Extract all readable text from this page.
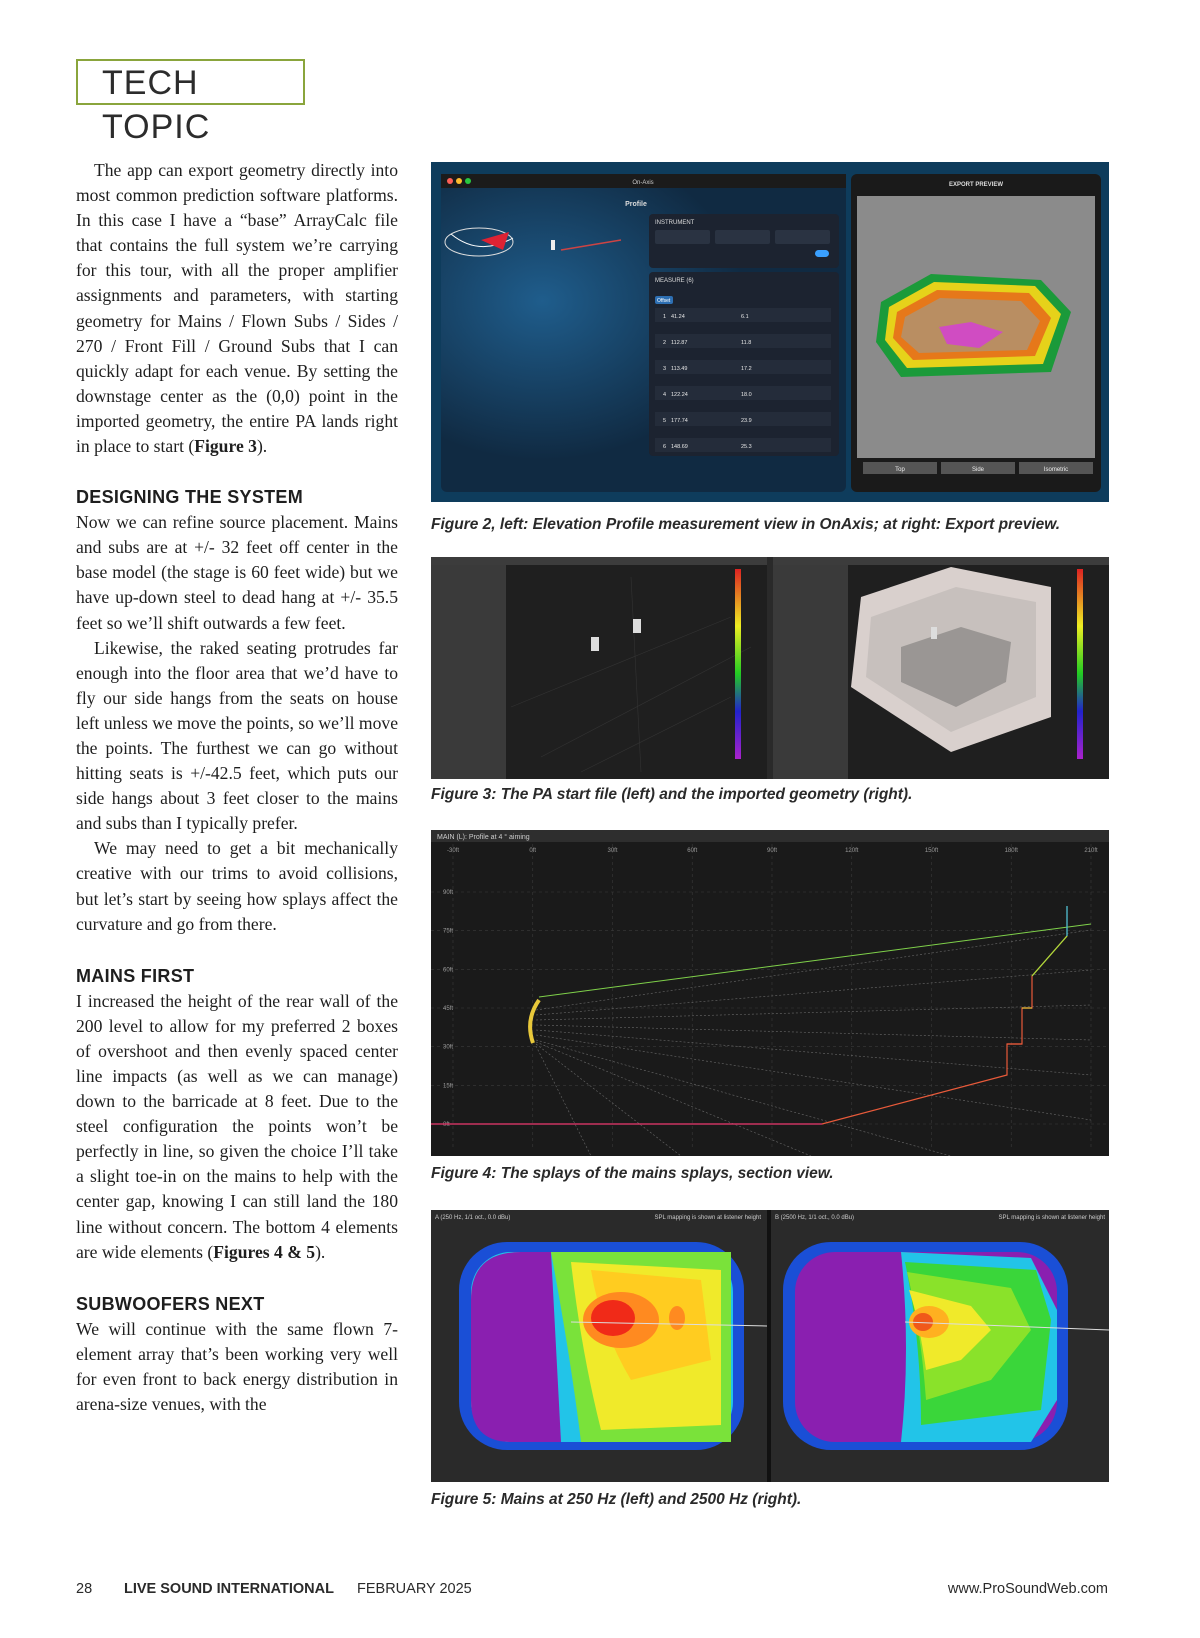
TECH TOPIC

The app can export geometry directly into most common prediction software platforms. In this case I have a “base” ArrayCalc file that contains the full system we’re carrying for this tour, with all the proper amplifier assignments and parameters, with starting geometry for Mains / Flown Subs / Sides / 270 / Front Fill / Ground Subs that I can quickly adapt for each venue. By setting the downstage center as the (0,0) point in the imported geometry, the entire PA lands right in place to start (Figure 3).

DESIGNING THE SYSTEM

Now we can refine source placement. Mains and subs are at +/- 32 feet off center in the base model (the stage is 60 feet wide) but we have up-down steel to dead hang at +/- 35.5 feet so we’ll shift outwards a few feet.

Likewise, the raked seating protrudes far enough into the floor area that we’d have to fly our side hangs from the seats on house left unless we move the points, so we’ll move the points. The furthest we can go without hitting seats is +/-42.5 feet, which puts our side hangs about 3 feet closer to the mains and subs than I typically prefer.

We may need to get a bit mechanically creative with our trims to avoid collisions, but let’s start by seeing how splays affect the curvature and go from there.

MAINS FIRST

I increased the height of the rear wall of the 200 level to allow for my preferred 2 boxes of overshoot and then evenly spaced center line impacts (as well as we can manage) down to the barricade at 8 feet. Due to the steel configuration the points won’t be perfectly in line, so given the choice I’ll take a slight toe-in on the mains to help with the center gap, knowing I can still land the 180 line without concern. The bottom 4 elements are wide elements (Figures 4 & 5).

SUBWOOFERS NEXT

We will continue with the same flown 7-element array that’s been working very well for even front to back energy distribution in arena-size venues, with the

On-Axis
Profile
INSTRUMENT
MEASURE (6)
Offset
1 41.24	6.1
2 112.87	11.8
3 113.49	17.2
4 122.24	18.0
5 177.74	23.9
6 148.69	25.3
EXPORT PREVIEW
Top	Side	Isometric
Figure 2, left: Elevation Profile measurement view in OnAxis; at right: Export preview.
Figure 3: The PA start file (left) and the imported geometry (right).
MAIN (L): Profile at 4 ° aiming
-30ft	0ft	30ft	60ft	90ft	120ft	150ft	180ft	210ft
90ft
75ft
60ft
45ft
30ft
15ft
0ft
Figure 4: The splays of the mains splays, section view.
A (250 Hz, 1/1 oct., 0.0 dBu)	SPL mapping is shown at listener height B (2500 Hz, 1/1 oct., 0.0 dBu)	SPL mapping is shown at listener height
Figure 5: Mains at 250 Hz (left) and 2500 Hz (right).
28 LIVE SOUND INTERNATIONAL FEBRUARY 2025	www.ProSoundWeb.com
